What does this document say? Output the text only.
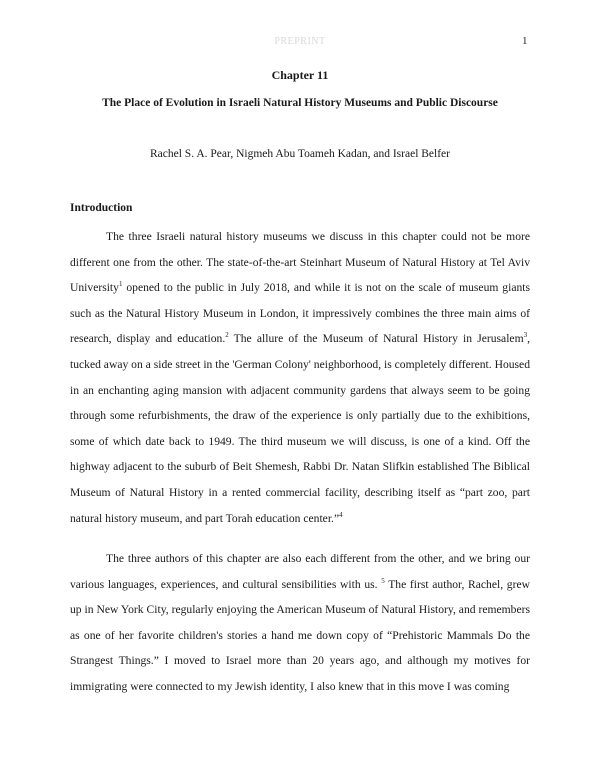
PREPRINT	1
Chapter 11
The Place of Evolution in Israeli Natural History Museums and Public Discourse
Rachel S. A. Pear, Nigmeh Abu Toameh Kadan, and Israel Belfer
Introduction

The three Israeli natural history museums we discuss in this chapter could not be more different one from the other. The state-of-the-art Steinhart Museum of Natural History at Tel Aviv University$^1$ opened to the public in July 2018, and while it is not on the scale of museum giants such as the Natural History Museum in London, it impressively combines the three main aims of research, display and education.$^2$ The allure of the Museum of Natural History in Jerusalem$^3$, tucked away on a side street in the 'German Colony' neighborhood, is completely different. Housed in an enchanting aging mansion with adjacent community gardens that always seem to be going through some refurbishments, the draw of the experience is only partially due to the exhibitions, some of which date back to 1949. The third museum we will discuss, is one of a kind. Off the highway adjacent to the suburb of Beit Shemesh, Rabbi Dr. Natan Slifkin established The Biblical Museum of Natural History in a rented commercial facility, describing itself as “part zoo, part natural history museum, and part Torah education center.”$^4$

The three authors of this chapter are also each different from the other, and we bring our various languages, experiences, and cultural sensibilities with us. $^5$ The first author, Rachel, grew up in New York City, regularly enjoying the American Museum of Natural History, and remembers as one of her favorite children's stories a hand me down copy of “Prehistoric Mammals Do the Strangest Things.” I moved to Israel more than 20 years ago, and although my motives for immigrating were connected to my Jewish identity, I also knew that in this move I was coming
